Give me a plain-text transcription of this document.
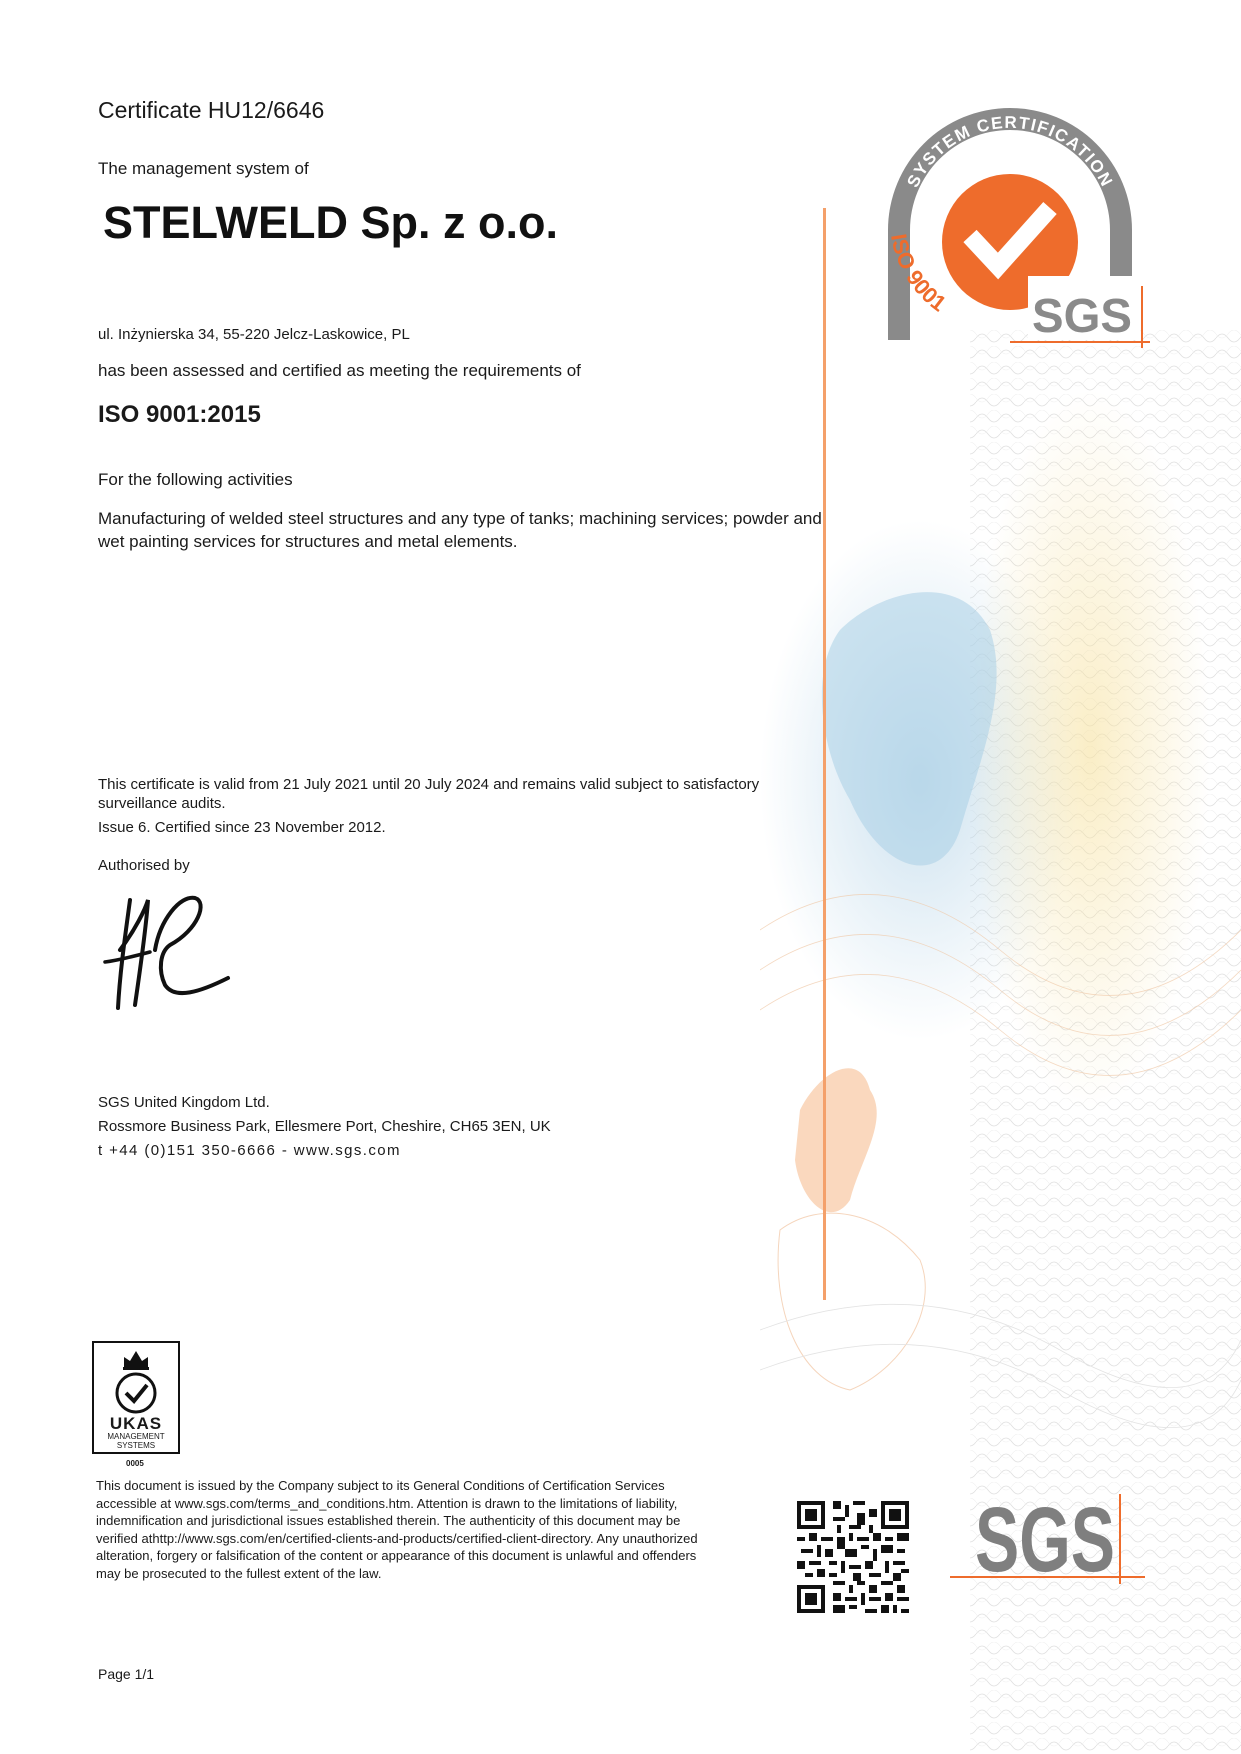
Certificate HU12/6646
The management system of
STELWELD Sp. z o.o.
ul. Inżynierska 34, 55-220 Jelcz-Laskowice, PL
has been assessed and certified as meeting the requirements of
ISO 9001:2015
For the following activities
Manufacturing of welded steel structures and any type of tanks; machining services; powder and
wet painting services for structures and metal elements.
This certificate is valid from 21 July 2021 until 20 July 2024 and remains valid subject to satisfactory
surveillance audits.
Issue 6. Certified since 23 November 2012.
Authorised by
SGS United Kingdom Ltd.
Rossmore Business Park, Ellesmere Port, Cheshire, CH65 3EN, UK
t +44 (0)151 350-6666 - www.sgs.com
SYSTEM CERTIFICATION
ISO 9001 SGS
UKAS
MANAGEMENT
SYSTEMS
0005
This document is issued by the Company subject to its General Conditions of Certification Services
accessible at www.sgs.com/terms_and_conditions.htm. Attention is drawn to the limitations of liability,
indemnification and jurisdictional issues established therein. The authenticity of this document may be
verified athttp://www.sgs.com/en/certified-clients-and-products/certified-client-directory. Any unauthorized
alteration, forgery or falsification of the content or appearance of this document is unlawful and offenders
may be prosecuted to the fullest extent of the law.	SGS
Page 1/1
